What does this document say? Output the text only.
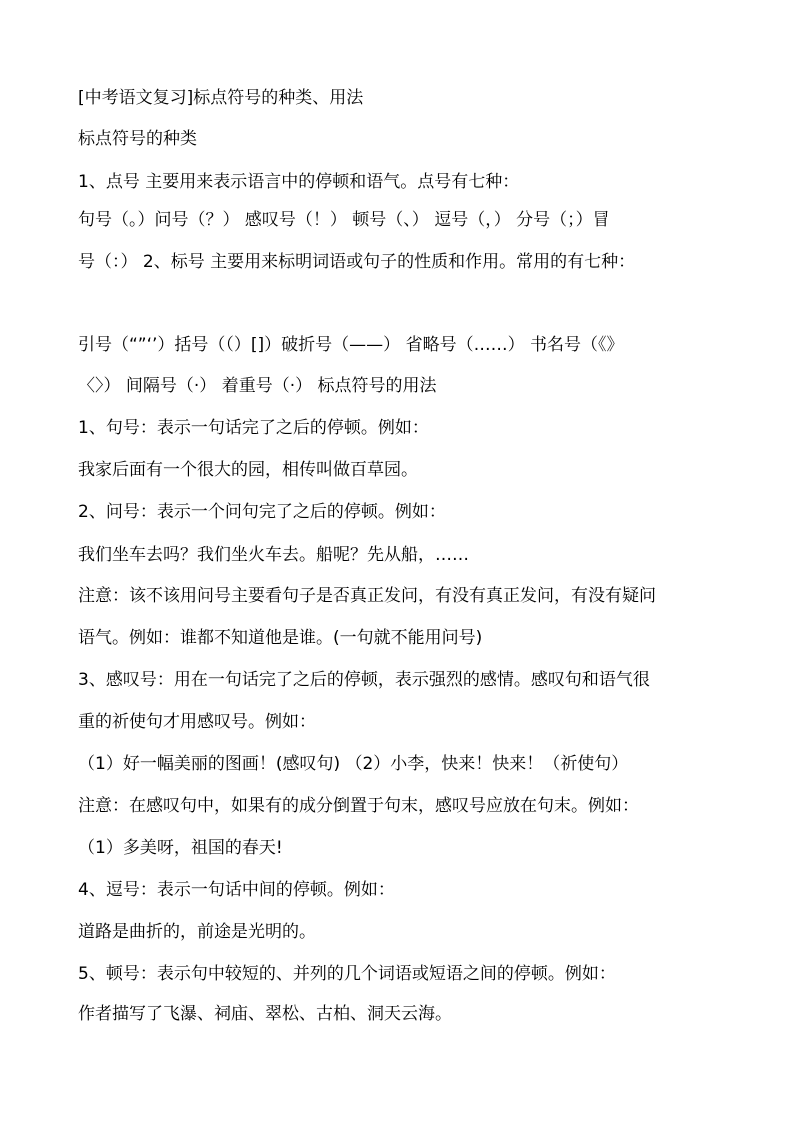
[中考语文复习]标点符号的种类、用法
标点符号的种类
1、点号 主要用来表示语言中的停顿和语气。点号有七种：
句号（。）问号（？） 感叹号（！） 顿号（、） 逗号（，） 分号（；）冒
号（：） 2、标号 主要用来标明词语或句子的性质和作用。常用的有七种：
引号（“”‘’）括号（（）[]）破折号（——） 省略号（……） 书名号（《》
〈〉） 间隔号（·） 着重号（·） 标点符号的用法
1、句号：表示一句话完了之后的停顿。例如：
我家后面有一个很大的园，相传叫做百草园。
2、问号：表示一个问句完了之后的停顿。例如：
我们坐车去吗？我们坐火车去。船呢？先从船，……
注意：该不该用问号主要看句子是否真正发问，有没有真正发问，有没有疑问
语气。例如：谁都不知道他是谁。(一句就不能用问号)
3、感叹号：用在一句话完了之后的停顿，表示强烈的感情。感叹句和语气很
重的祈使句才用感叹号。例如：
（1）好一幅美丽的图画！(感叹句) （2）小李，快来！快来！（祈使句）
注意：在感叹句中，如果有的成分倒置于句末，感叹号应放在句末。例如：
（1）多美呀，祖国的春天!
4、逗号：表示一句话中间的停顿。例如：
道路是曲折的，前途是光明的。
5、顿号：表示句中较短的、并列的几个词语或短语之间的停顿。例如：
作者描写了飞瀑、祠庙、翠松、古柏、洞天云海。
